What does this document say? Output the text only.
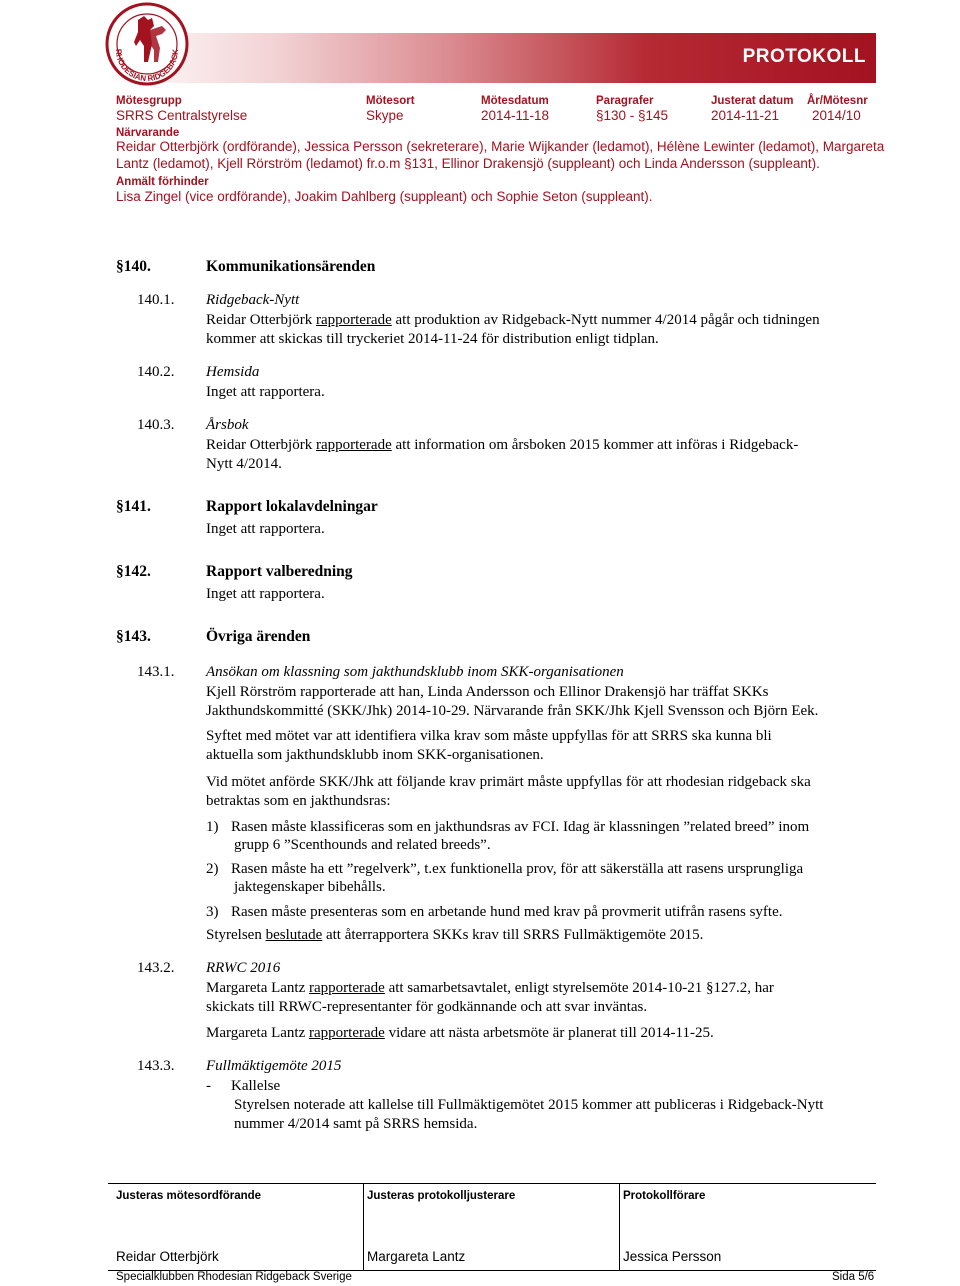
PROTOKOLL
RHODESIAN RIDGEBACK
Mötesgrupp
SRRS Centralstyrelse
Mötesort
Skype
Mötesdatum
2014-11-18
Paragrafer
§130 - §145
Justerat datum
2014-11-21
År/Mötesnr
2014/10
Närvarande
Reidar Otterbjörk (ordförande), Jessica Persson (sekreterare), Marie Wijkander (ledamot), Hélène Lewinter (ledamot), Margareta
Lantz (ledamot), Kjell Rörström (ledamot) fr.o.m §131, Ellinor Drakensjö (suppleant) och Linda Andersson (suppleant).
Anmält förhinder
Lisa Zingel (vice ordförande), Joakim Dahlberg (suppleant) och Sophie Seton (suppleant).
§140.	Kommunikationsärenden
140.1. Ridgeback-Nytt
Reidar Otterbjörk rapporterade att produktion av Ridgeback-Nytt nummer 4/2014 pågår och tidningen
kommer att skickas till tryckeriet 2014-11-24 för distribution enligt tidplan.
140.2. Hemsida
Inget att rapportera.
140.3. Årsbok
Reidar Otterbjörk rapporterade att information om årsboken 2015 kommer att införas i Ridgeback-
Nytt 4/2014.
§141.	Rapport lokalavdelningar
Inget att rapportera.
§142.	Rapport valberedning
Inget att rapportera.
§143.	Övriga ärenden
143.1. Ansökan om klassning som jakthundsklubb inom SKK-organisationen
Kjell Rörström rapporterade att han, Linda Andersson och Ellinor Drakensjö har träffat SKKs
Jakthundskommitté (SKK/Jhk) 2014-10-29. Närvarande från SKK/Jhk Kjell Svensson och Björn Eek.
Syftet med mötet var att identifiera vilka krav som måste uppfyllas för att SRRS ska kunna bli
aktuella som jakthundsklubb inom SKK-organisationen.
Vid mötet anförde SKK/Jhk att följande krav primärt måste uppfyllas för att rhodesian ridgeback ska
betraktas som en jakthundsras:
1) Rasen måste klassificeras som en jakthundsras av FCI. Idag är klassningen ”related breed” inom
grupp 6 ”Scenthounds and related breeds”.
2) Rasen måste ha ett ”regelverk”, t.ex funktionella prov, för att säkerställa att rasens ursprungliga
jaktegenskaper bibehålls.
3) Rasen måste presenteras som en arbetande hund med krav på provmerit utifrån rasens syfte.
Styrelsen beslutade att återrapportera SKKs krav till SRRS Fullmäktigemöte 2015.
143.2. RRWC 2016
Margareta Lantz rapporterade att samarbetsavtalet, enligt styrelsemöte 2014-10-21 §127.2, har
skickats till RRWC-representanter för godkännande och att svar inväntas.
Margareta Lantz rapporterade vidare att nästa arbetsmöte är planerat till 2014-11-25.
143.3. Fullmäktigemöte 2015
- Kallelse
Styrelsen noterade att kallelse till Fullmäktigemötet 2015 kommer att publiceras i Ridgeback-Nytt
nummer 4/2014 samt på SRRS hemsida.
Justeras mötesordförande	Justeras protokolljusterare	Protokollförare
Reidar Otterbjörk	Margareta Lantz	Jessica Persson
Specialklubben Rhodesian Ridgeback Sverige	Sida 5/6
